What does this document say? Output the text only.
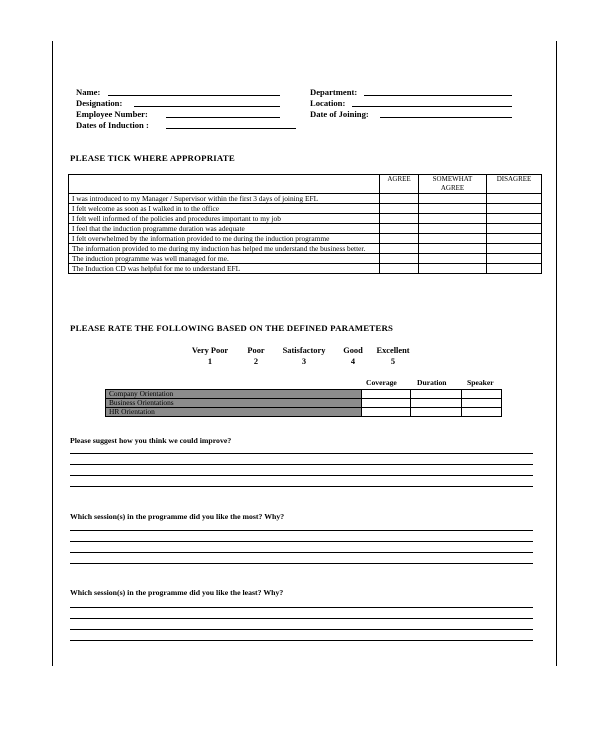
Name:
Designation:
Employee Number:
Dates of Induction :
Department:
Location:
Date of Joining:
PLEASE TICK WHERE APPROPRIATE
	AGREE	SOMEWHAT AGREE	DISAGREE
I was introduced to my Manager / Supervisor within the first 3 days of joining EFL			
I felt welcome as soon as I walked in to the office			
I felt well informed of the policies and procedures important to my job			
I feel that the induction programme duration was adequate			
I felt overwhelmed by the information provided to me during the induction programme			
The information provided to me during my induction has helped me understand the business better.			
The induction programme was well managed for me.			
The Induction CD was helpful for me to understand EFL			
PLEASE RATE THE FOLLOWING BASED ON THE DEFINED PARAMETERS
Very Poor
1
Poor
2
Satisfactory
3
Good
4
Excellent
5
Coverage	Duration	Speaker
Company Orientation			
Business Orientations			
HR Orientation			
Please suggest how you think we could improve?
Which session(s) in the programme did you like the most? Why?
Which session(s) in the programme did you like the least? Why?
